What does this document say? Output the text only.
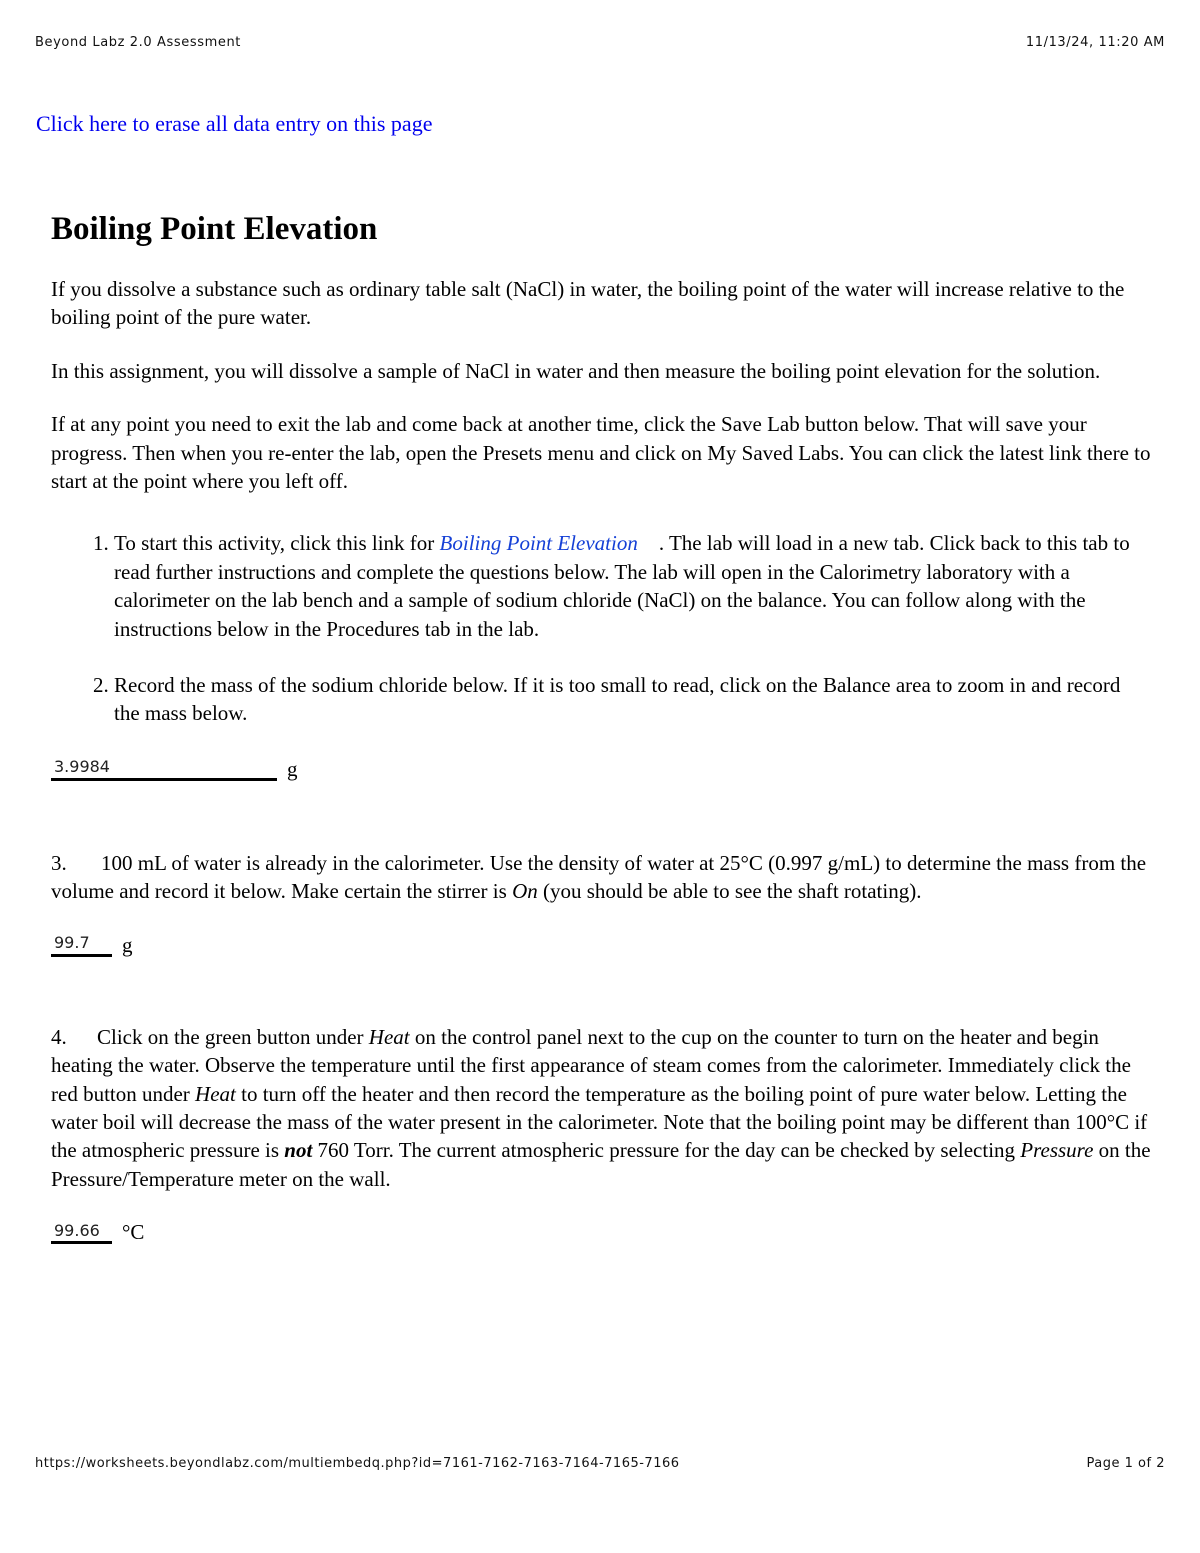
Beyond Labz 2.0 Assessment	11/13/24, 11:20 AM
Click here to erase all data entry on this page
Boiling Point Elevation

If you dissolve a substance such as ordinary table salt (NaCl) in water, the boiling point of the water will increase relative to the boiling point of the pure water.

In this assignment, you will dissolve a sample of NaCl in water and then measure the boiling point elevation for the solution.

If at any point you need to exit the lab and come back at another time, click the Save Lab button below. That will save your progress. Then when you re-enter the lab, open the Presets menu and click on My Saved Labs. You can click the latest link there to start at the point where you left off.

1. To start this activity, click this link for Boiling Point Elevation    . The lab will load in a new tab. Click back to this tab to read further instructions and complete the questions below. The lab will open in the Calorimetry laboratory with a calorimeter on the lab bench and a sample of sodium chloride (NaCl) on the balance. You can follow along with the instructions below in the Procedures tab in the lab.
2. Record the mass of the sodium chloride below. If it is too small to read, click on the Balance area to zoom in and record the mass below.
3.9984
g

3. 100 mL of water is already in the calorimeter. Use the density of water at 25°C (0.997 g/mL) to determine the mass from the volume and record it below. Make certain the stirrer is On (you should be able to see the shaft rotating).

99.7
g

4. Click on the green button under Heat on the control panel next to the cup on the counter to turn on the heater and begin heating the water. Observe the temperature until the first appearance of steam comes from the calorimeter. Immediately click the red button under Heat to turn off the heater and then record the temperature as the boiling point of pure water below. Letting the water boil will decrease the mass of the water present in the calorimeter. Note that the boiling point may be different than 100°C if the atmospheric pressure is not 760 Torr. The current atmospheric pressure for the day can be checked by selecting Pressure on the Pressure/Temperature meter on the wall.

99.66
°C
https://worksheets.beyondlabz.com/multiembedq.php?id=7161-7162-7163-7164-7165-7166	Page 1 of 2
